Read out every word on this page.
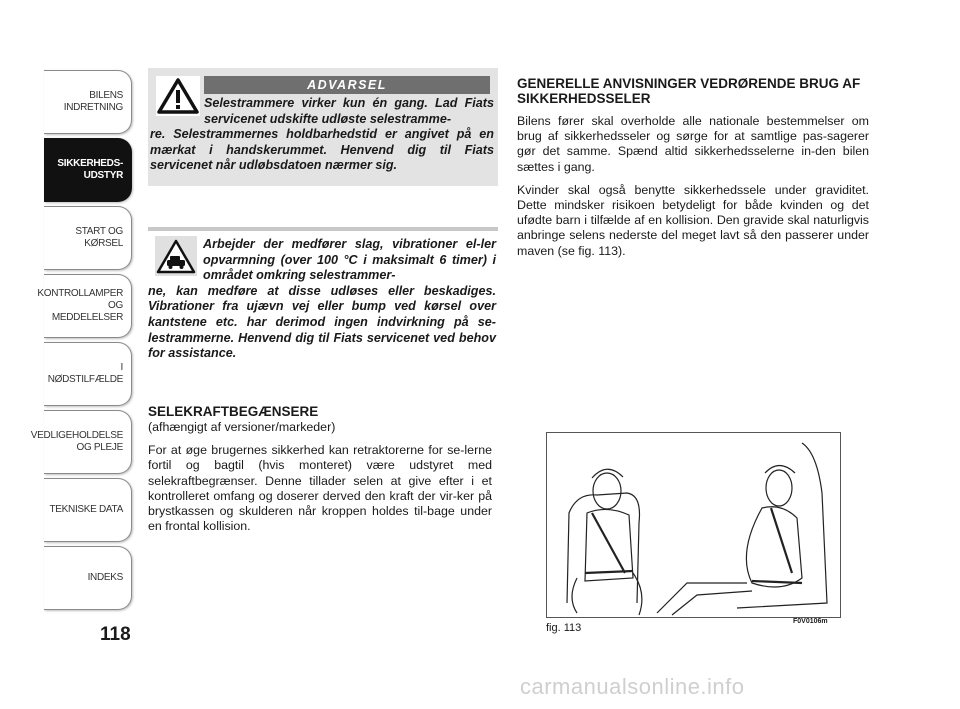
BILENS INDRETNING
SIKKERHEDS-UDSTYR
START OG KØRSEL
KONTROLLAMPER OG MEDDELELSER
I NØDSTILFÆLDE
VEDLIGEHOLDELSE OG PLEJE
TEKNISKE DATA
INDEKS
118
ADVARSEL
Selestrammere virker kun én gang. Lad Fiats servicenet udskifte udløste selestramme-
re. Selestrammernes holdbarhedstid er angivet på en mærkat i handskerummet. Henvend dig til Fiats servicenet når udløbsdatoen nærmer sig.
Arbejder der medfører slag, vibrationer el-ler opvarmning (over 100 °C i maksimalt 6 timer) i området omkring selestrammer-
ne, kan medføre at disse udløses eller beskadiges. Vibrationer fra ujævn vej eller bump ved kørsel over kantstene etc. har derimod ingen indvirkning på se-lestrammerne. Henvend dig til Fiats servicenet ved behov for assistance.
SELEKRAFTBEGÆNSERE
(afhængigt af versioner/markeder)

For at øge brugernes sikkerhed kan retraktorerne for se-lerne fortil og bagtil (hvis monteret) være udstyret med selekraftbegrænser. Denne tillader selen at give efter i et kontrolleret omfang og doserer derved den kraft der vir-ker på brystkassen og skulderen når kroppen holdes til-bage under en frontal kollision.

GENERELLE ANVISNINGER VEDRØRENDE BRUG AF SIKKERHEDSSELER

Bilens fører skal overholde alle nationale bestemmelser om brug af sikkerhedsseler og sørge for at samtlige pas-sagerer gør det samme. Spænd altid sikkerhedsselerne in-den bilen sættes i gang.

Kvinder skal også benytte sikkerhedssele under graviditet. Dette mindsker risikoen betydeligt for både kvinden og det ufødte barn i tilfælde af en kollision. Den gravide skal naturligvis anbringe selens nederste del meget lavt så den passerer under maven (se fig. 113).

fig. 113
F0V0106m
carmanualsonline.info
